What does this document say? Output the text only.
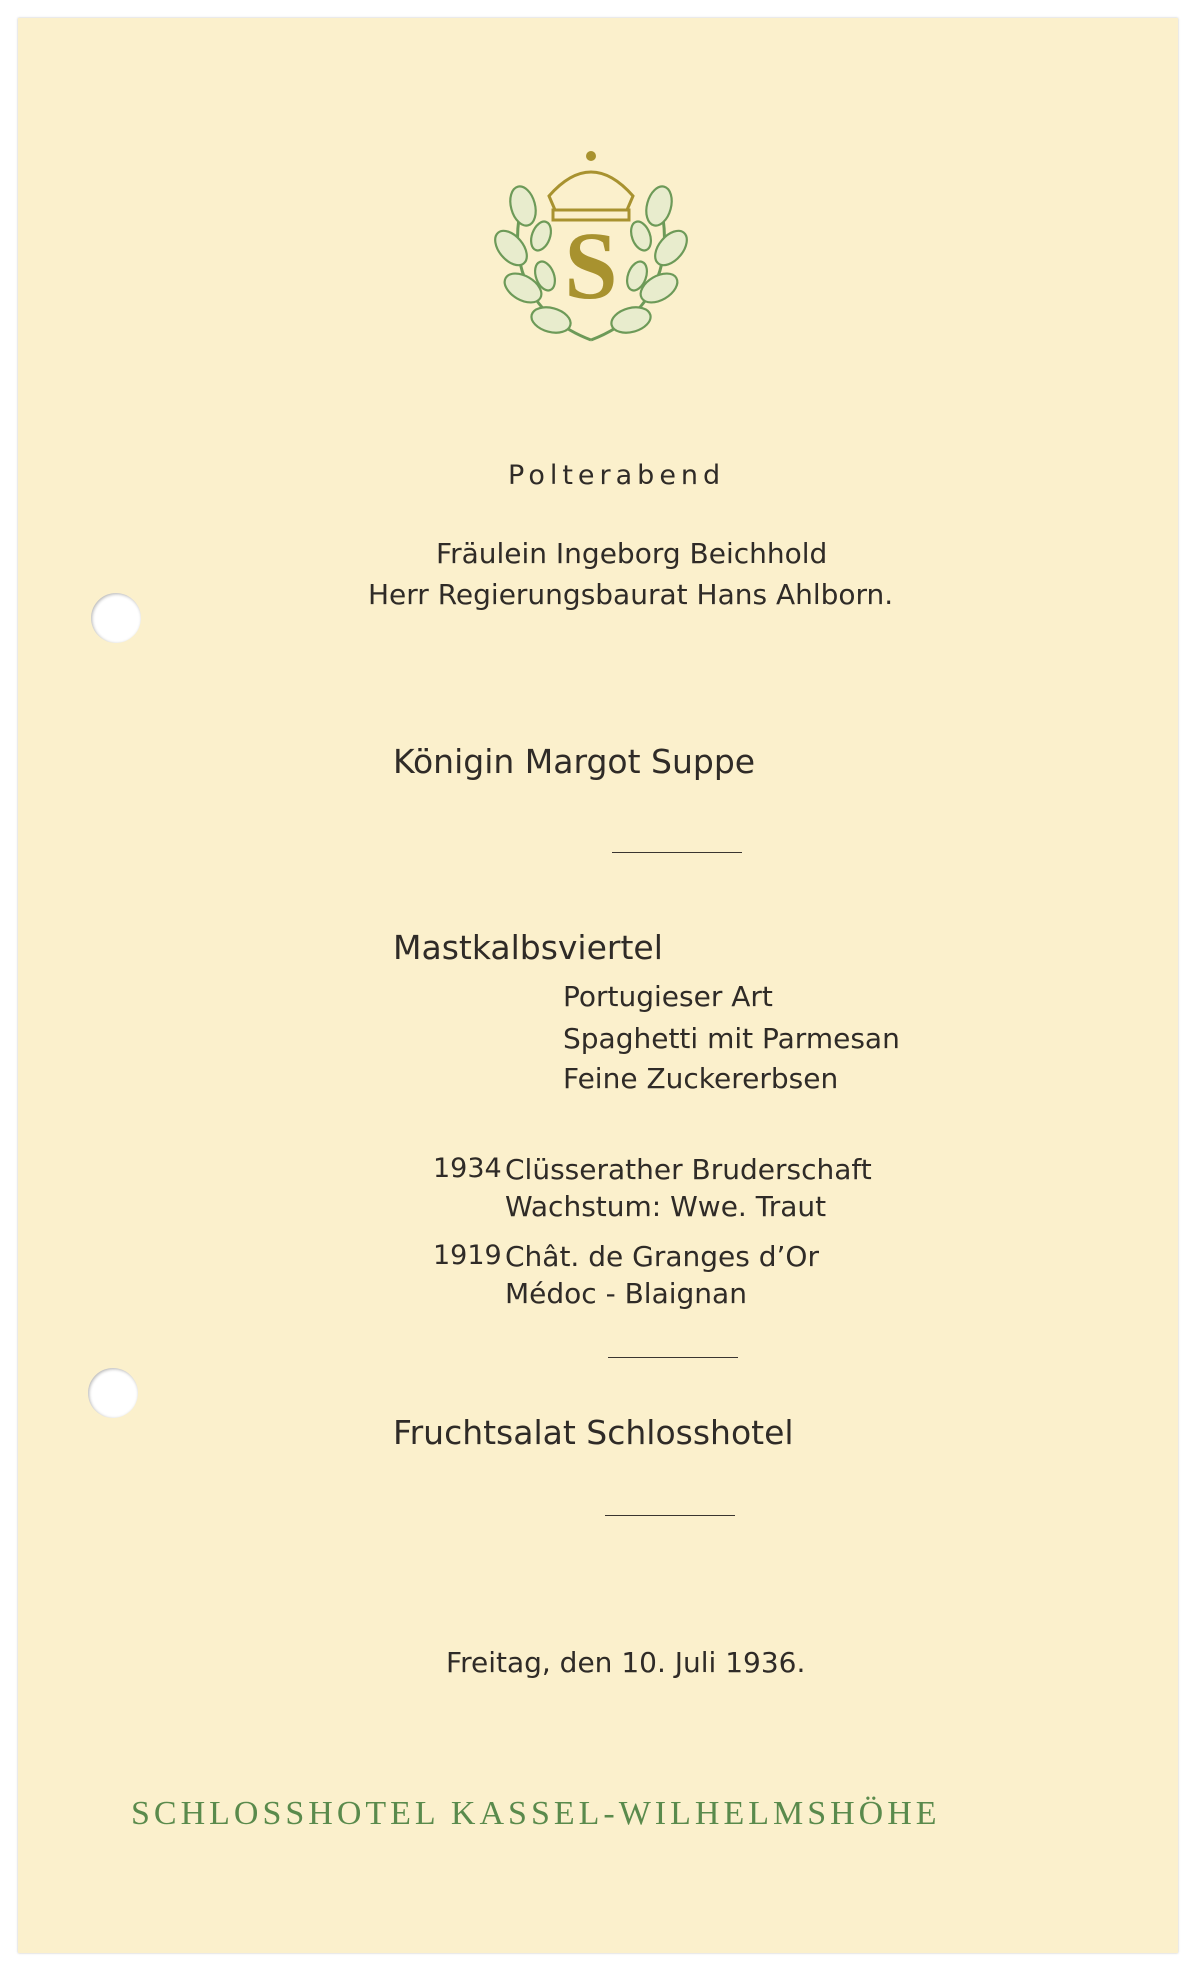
S
Polterabend
Fräulein Ingeborg Beichhold
Herr Regierungsbaurat Hans Ahlborn.
Königin Margot Suppe
Mastkalbsviertel
Portugieser Art
Spaghetti mit Parmesan
Feine Zuckererbsen
1934 Clüsserather Bruderschaft
Wachstum: Wwe. Traut
1919 Chât. de Granges d’Or
Médoc - Blaignan
Fruchtsalat Schlosshotel
Freitag, den 10. Juli 1936.
SCHLOSSHOTEL KASSEL-WILHELMSHÖHE
